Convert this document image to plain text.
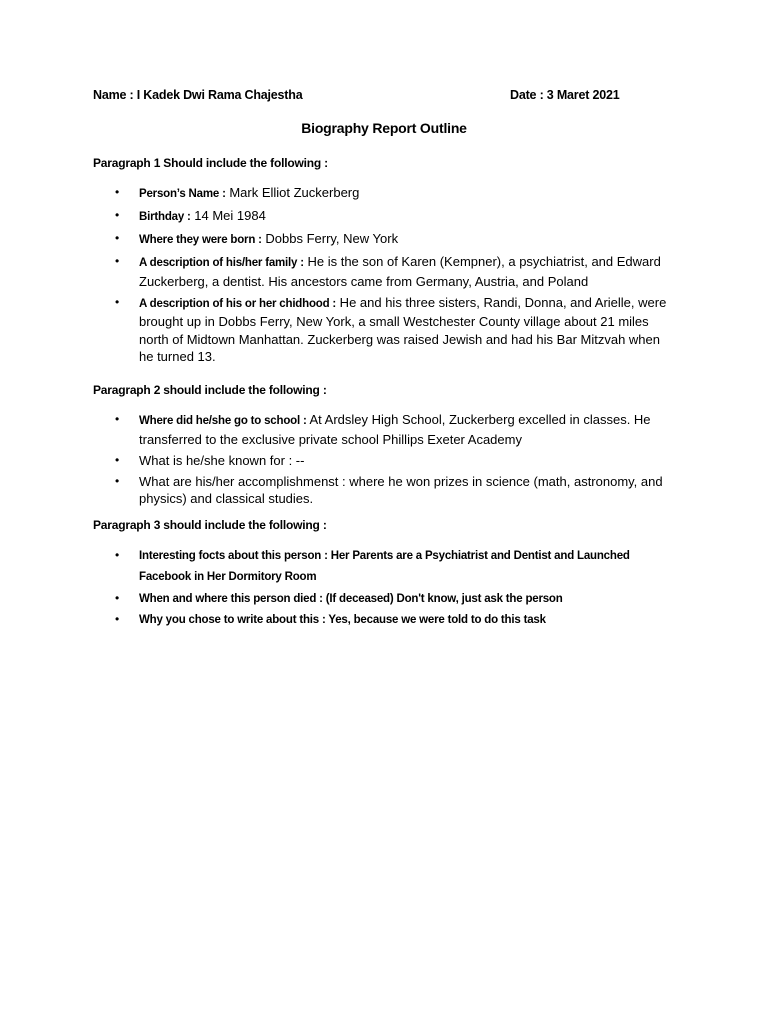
Name : I Kadek Dwi Rama Chajestha	Date : 3 Maret 2021
Biography Report Outline
Paragraph 1 Should include the following :
• Person’s Name : Mark Elliot Zuckerberg
• Birthday : 14 Mei 1984
• Where they were born : Dobbs Ferry, New York
• A description of his/her family : He is the son of Karen (Kempner), a psychiatrist, and Edward Zuckerberg, a dentist. His ancestors came from Germany, Austria, and Poland
• A description of his or her chidhood : He and his three sisters, Randi, Donna, and Arielle, were brought up in Dobbs Ferry, New York, a small Westchester County village about 21 miles north of Midtown Manhattan. Zuckerberg was raised Jewish and had his Bar Mitzvah when he turned 13.
Paragraph 2 should include the following :
• Where did he/she go to school : At Ardsley High School, Zuckerberg excelled in classes. He transferred to the exclusive private school Phillips Exeter Academy
• What is he/she known for : --
• What are his/her accomplishmenst : where he won prizes in science (math, astronomy, and physics) and classical studies.
Paragraph 3 should include the following :
• Interesting focts about this person : Her Parents are a Psychiatrist and Dentist and Launched Facebook in Her Dormitory Room
• When and where this person died : (If deceased) Don't know, just ask the person
• Why you chose to write about this : Yes, because we were told to do this task
